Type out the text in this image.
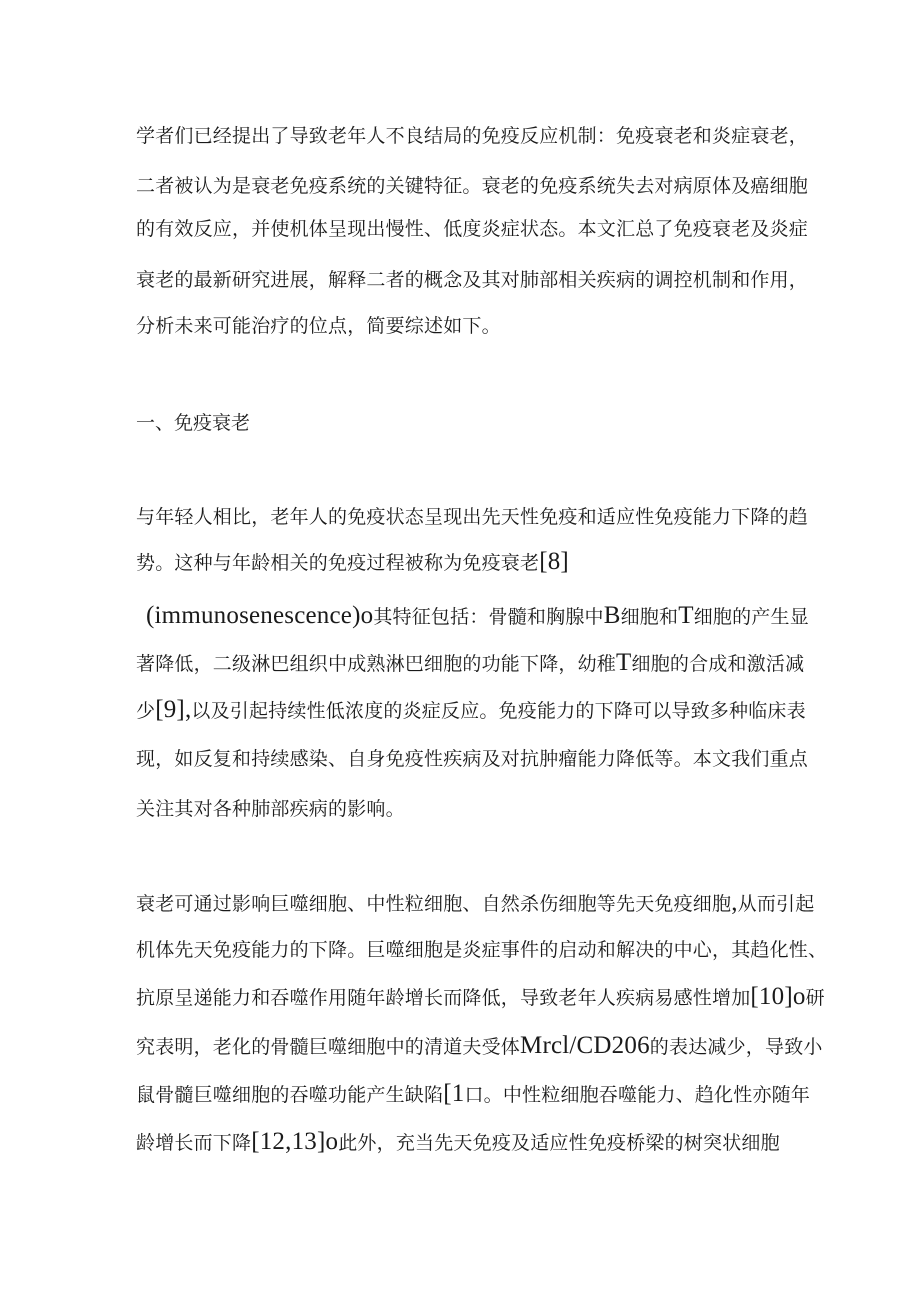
学者们已经提出了导致老年人不良结局的免疫反应机制：免疫衰老和炎症衰老，
二者被认为是衰老免疫系统的关键特征。衰老的免疫系统失去对病原体及癌细胞
的有效反应，并使机体呈现出慢性、低度炎症状态。本文汇总了免疫衰老及炎症
衰老的最新研究进展，解释二者的概念及其对肺部相关疾病的调控机制和作用，
分析未来可能治疗的位点，简要综述如下。
一、免疫衰老
与年轻人相比，老年人的免疫状态呈现出先天性免疫和适应性免疫能力下降的趋
势。这种与年龄相关的免疫过程被称为免疫衰老[8]
(immunosenescence)o其特征包括：骨髓和胸腺中B细胞和T细胞的产生显
著降低，二级淋巴组织中成熟淋巴细胞的功能下降，幼稚T细胞的合成和激活减
少[9],以及引起持续性低浓度的炎症反应。免疫能力的下降可以导致多种临床表
现，如反复和持续感染、自身免疫性疾病及对抗肿瘤能力降低等。本文我们重点
关注其对各种肺部疾病的影响。
衰老可通过影响巨噬细胞、中性粒细胞、自然杀伤细胞等先天免疫细胞,从而引起
机体先天免疫能力的下降。巨噬细胞是炎症事件的启动和解决的中心，其趋化性、
抗原呈递能力和吞噬作用随年龄增长而降低，导致老年人疾病易感性增加[10]o研
究表明，老化的骨髓巨噬细胞中的清道夫受体Mrcl/CD206的表达减少，导致小
鼠骨髓巨噬细胞的吞噬功能产生缺陷[1口。中性粒细胞吞噬能力、趋化性亦随年
龄增长而下降[12,13]o此外，充当先天免疫及适应性免疫桥梁的树突状细胞
